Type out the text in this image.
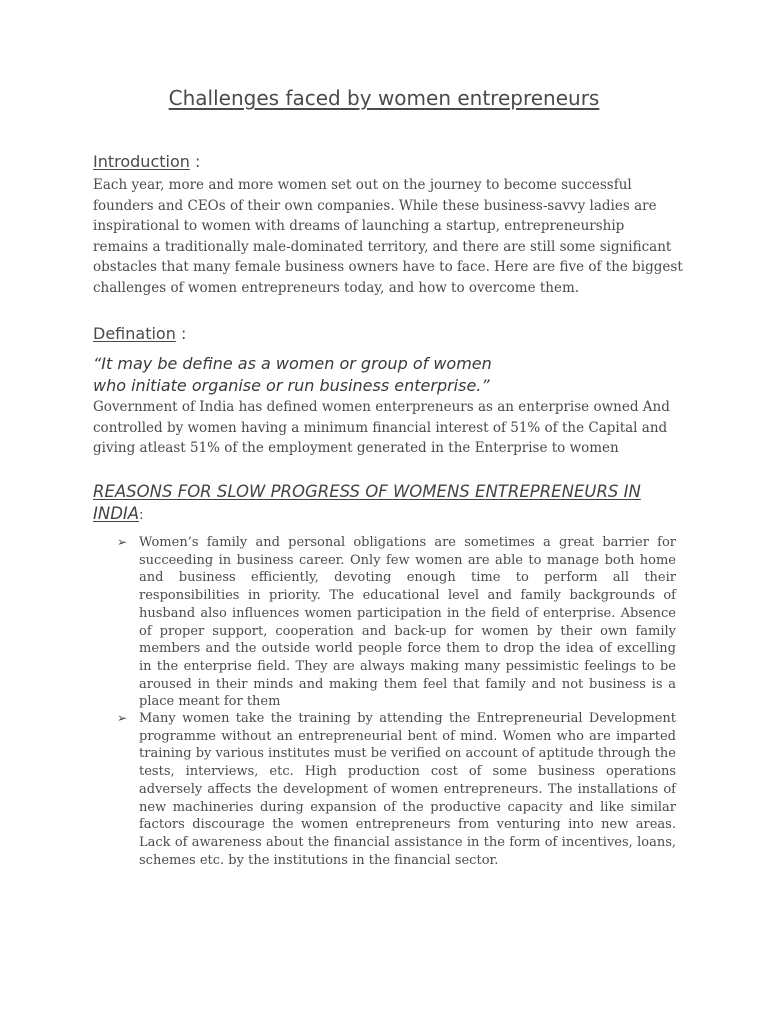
Challenges faced by women entrepreneurs
Introduction :
Each year, more and more women set out on the journey to become successful founders and CEOs of their own companies. While these business-savvy ladies are inspirational to women with dreams of launching a startup, entrepreneurship remains a traditionally male-dominated territory, and there are still some significant obstacles that many female business owners have to face. Here are five of the biggest challenges of women entrepreneurs today, and how to overcome them.
Defination :
“It may be define as a women or group of women
who initiate organise or run business enterprise.”
Government of India has defined women enterpreneurs as an enterprise owned And controlled by women having a minimum financial interest of 51% of the Capital and giving atleast 51% of the employment generated in the Enterprise to women
REASONS FOR SLOW PROGRESS OF WOMENS ENTREPRENEURS IN INDIA:
➢ Women’s family and personal obligations are sometimes a great barrier for succeeding in business career. Only few women are able to manage both home and business efficiently, devoting enough time to perform all their responsibilities in priority. The educational level and family backgrounds of husband also influences women participation in the field of enterprise. Absence of proper support, cooperation and back-up for women by their own family members and the outside world people force them to drop the idea of excelling in the enterprise field. They are always making many pessimistic feelings to be aroused in their minds and making them feel that family and not business is a place meant for them
➢ Many women take the training by attending the Entrepreneurial Development programme without an entrepreneurial bent of mind. Women who are imparted training by various institutes must be verified on account of aptitude through the tests, interviews, etc. High production cost of some business operations adversely affects the development of women entrepreneurs. The installations of new machineries during expansion of the productive capacity and like similar factors discourage the women entrepreneurs from venturing into new areas. Lack of awareness about the financial assistance in the form of incentives, loans, schemes etc. by the institutions in the financial sector.
